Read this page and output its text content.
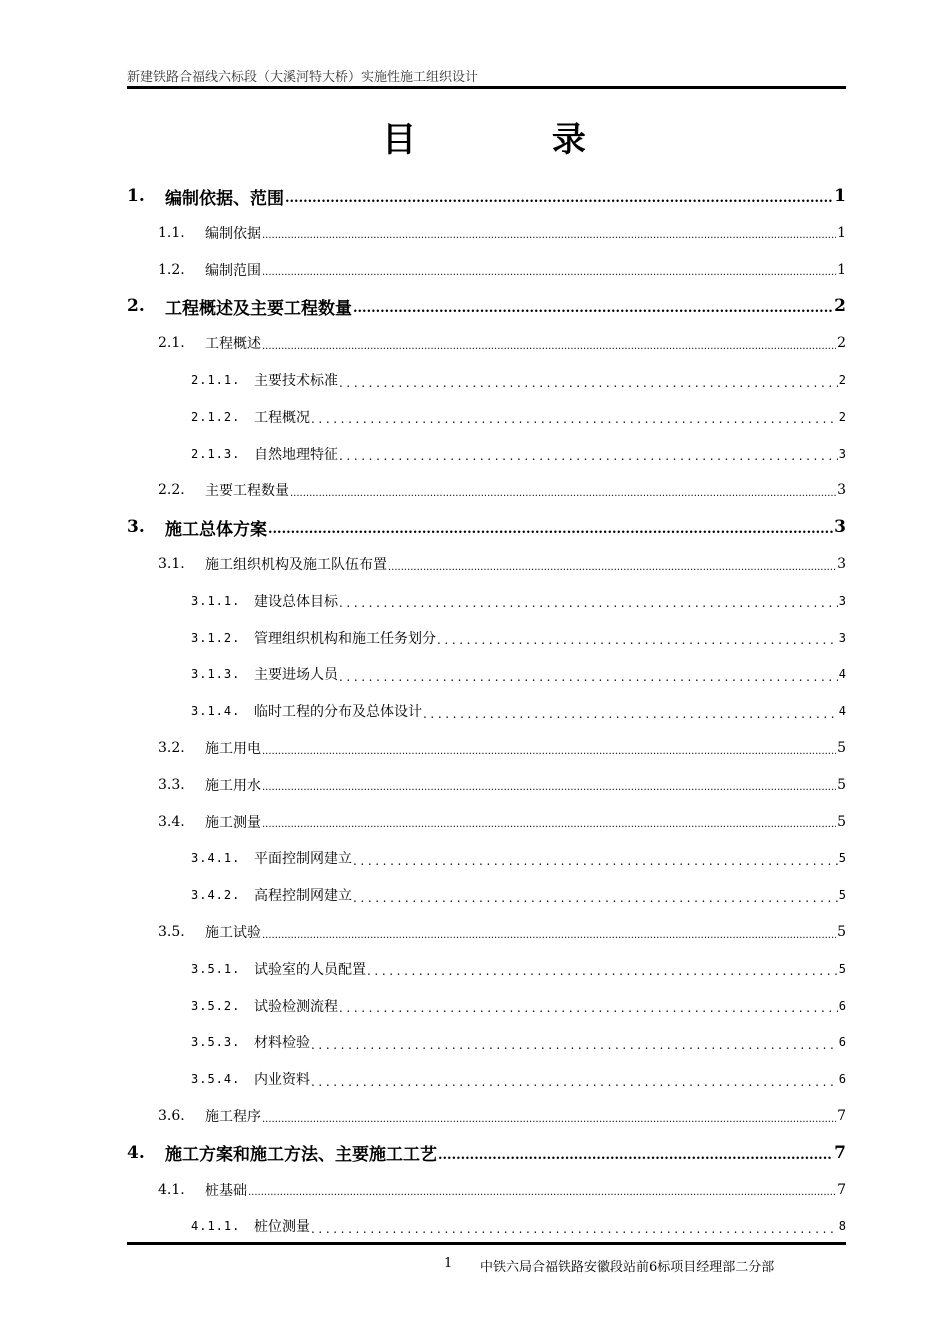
新建铁路合福线六标段（大溪河特大桥）实施性施工组织设计
目 录
1.	编制依据、范围 .....	1
1.1.	编制依据 .....	1
1.2.	编制范围 .....	1
2.	工程概述及主要工程数量 .....	2
2.1.	工程概述 .....	2
2.1.1. 主要技术标准 .....	2
2.1.2. 工程概况 .....	2
2.1.3. 自然地理特征 .....	3
2.2.	主要工程数量 .....	3
3.	施工总体方案 .....	3
3.1.	施工组织机构及施工队伍布置 .....	3
3.1.1. 建设总体目标 .....	3
3.1.2. 管理组织机构和施工任务划分 .....	3
3.1.3. 主要进场人员 .....	4
3.1.4. 临时工程的分布及总体设计 .....	4
3.2.	施工用电 .....	5
3.3.	施工用水 .....	5
3.4.	施工测量 .....	5
3.4.1. 平面控制网建立 .....	5
3.4.2. 高程控制网建立 .....	5
3.5.	施工试验 .....	5
3.5.1. 试验室的人员配置 .....	5
3.5.2. 试验检测流程 .....	6
3.5.3. 材料检验 .....	6
3.5.4. 内业资料 .....	6
3.6.	施工程序 .....	7
4.	施工方案和施工方法、主要施工工艺 .....	7
4.1.	桩基础 .....	7
4.1.1. 桩位测量 .....	8
1 中铁六局合福铁路安徽段站前6标项目经理部二分部
